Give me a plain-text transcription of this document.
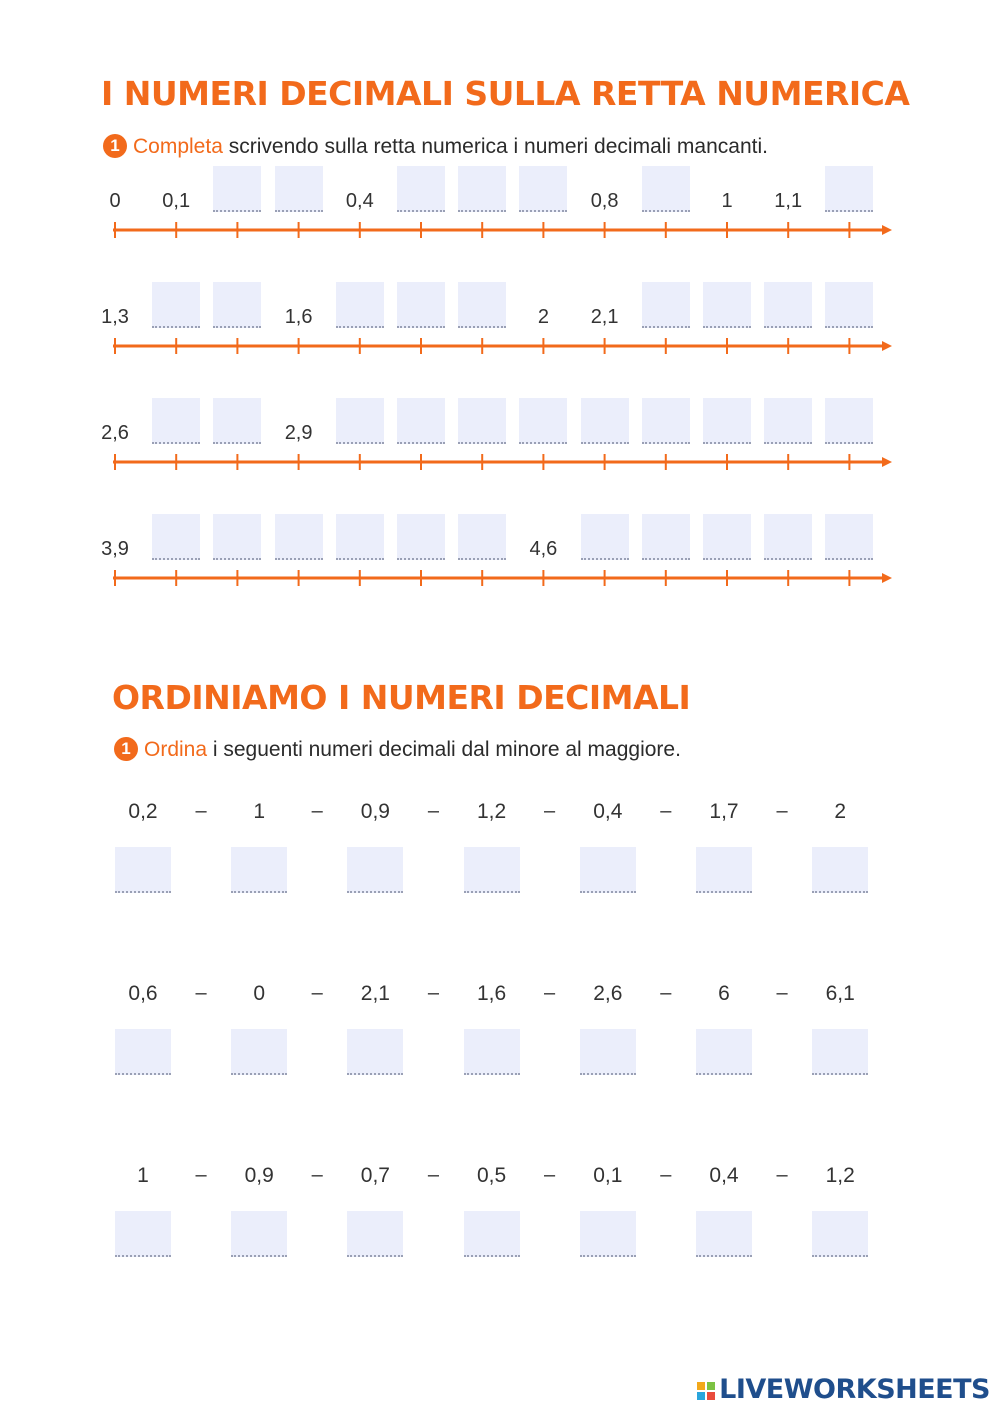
I NUMERI DECIMALI SULLA RETTA NUMERICA
1 Completa scrivendo sulla retta numerica i numeri decimali mancanti.
0 0,1	0,4	0,8	1 1,1
1,3	1,6	2 2,1
2,6	2,9
3,9	4,6
ORDINIAMO I NUMERI DECIMALI
1 Ordina i seguenti numeri decimali dal minore al maggiore.
0,2 – 1 – 0,9 – 1,2 – 0,4 – 1,7 – 2
0,6 – 0 – 2,1 – 1,6 – 2,6 – 6 – 6,1
1 – 0,9 – 0,7 – 0,5 – 0,1 – 0,4 – 1,2
LIVEWORKSHEETS
